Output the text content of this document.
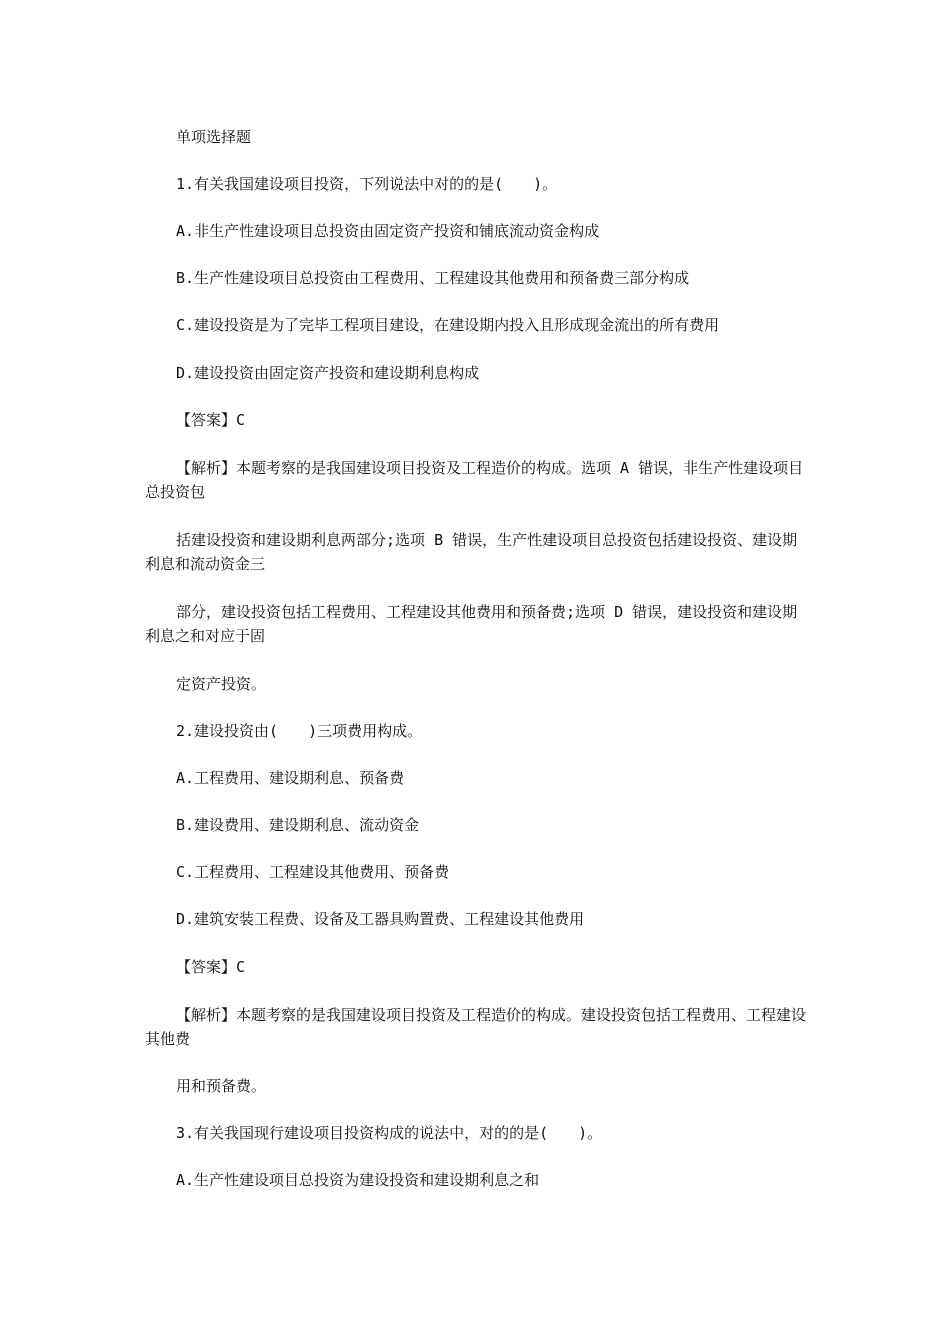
单项选择题
1.有关我国建设项目投资，下列说法中对的的是(　　)。
A.非生产性建设项目总投资由固定资产投资和铺底流动资金构成
B.生产性建设项目总投资由工程费用、工程建设其他费用和预备费三部分构成
C.建设投资是为了完毕工程项目建设，在建设期内投入且形成现金流出的所有费用
D.建设投资由固定资产投资和建设期利息构成
【答案】C
【解析】本题考察的是我国建设项目投资及工程造价的构成。选项 A 错误，非生产性建设项目总投资包
括建设投资和建设期利息两部分;选项 B 错误，生产性建设项目总投资包括建设投资、建设期利息和流动资金三
部分，建设投资包括工程费用、工程建设其他费用和预备费;选项 D 错误，建设投资和建设期利息之和对应于固
定资产投资。
2.建设投资由(　　)三项费用构成。
A.工程费用、建设期利息、预备费
B.建设费用、建设期利息、流动资金
C.工程费用、工程建设其他费用、预备费
D.建筑安装工程费、设备及工器具购置费、工程建设其他费用
【答案】C
【解析】本题考察的是我国建设项目投资及工程造价的构成。建设投资包括工程费用、工程建设其他费
用和预备费。
3.有关我国现行建设项目投资构成的说法中，对的的是(　　)。
A.生产性建设项目总投资为建设投资和建设期利息之和
